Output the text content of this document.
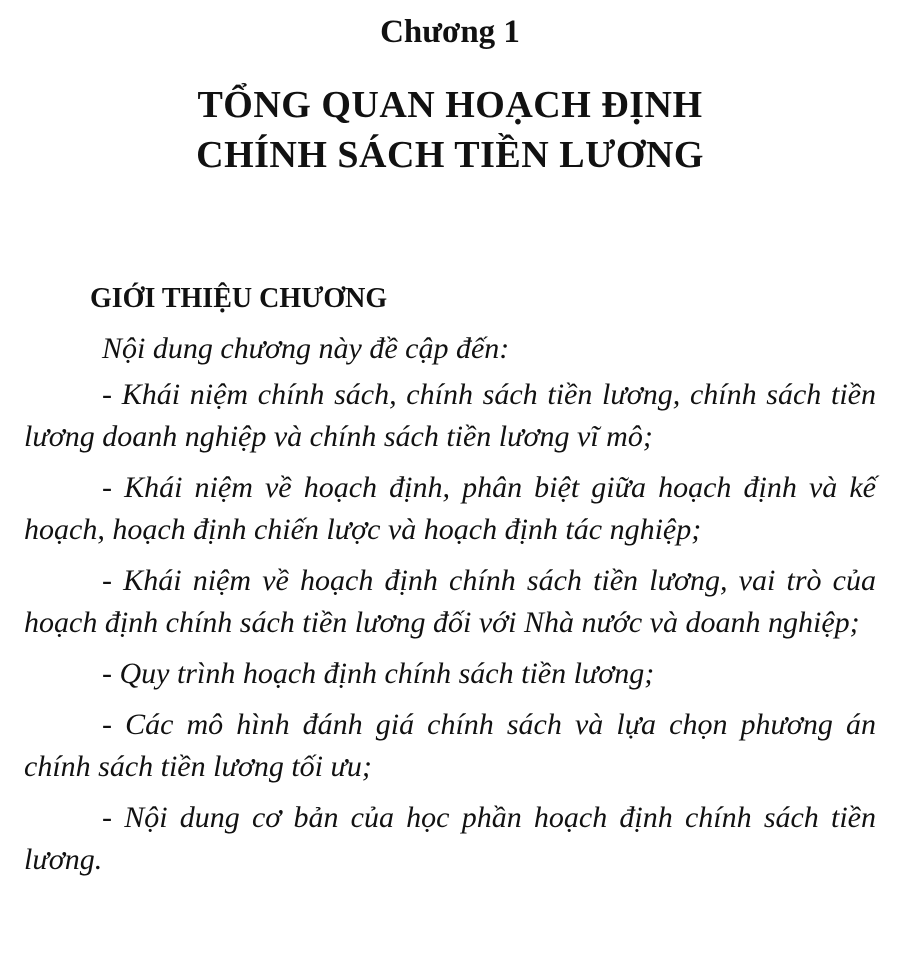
Chương 1
TỔNG QUAN HOẠCH ĐỊNH
CHÍNH SÁCH TIỀN LƯƠNG
GIỚI THIỆU CHƯƠNG

Nội dung chương này đề cập đến:

- Khái niệm chính sách, chính sách tiền lương, chính sách tiền lương doanh nghiệp và chính sách tiền lương vĩ mô;
- Khái niệm về hoạch định, phân biệt giữa hoạch định và kế hoạch, hoạch định chiến lược và hoạch định tác nghiệp;
- Khái niệm về hoạch định chính sách tiền lương, vai trò của hoạch định chính sách tiền lương đối với Nhà nước và doanh nghiệp;
- Quy trình hoạch định chính sách tiền lương;
- Các mô hình đánh giá chính sách và lựa chọn phương án chính sách tiền lương tối ưu;
- Nội dung cơ bản của học phần hoạch định chính sách tiền lương.
